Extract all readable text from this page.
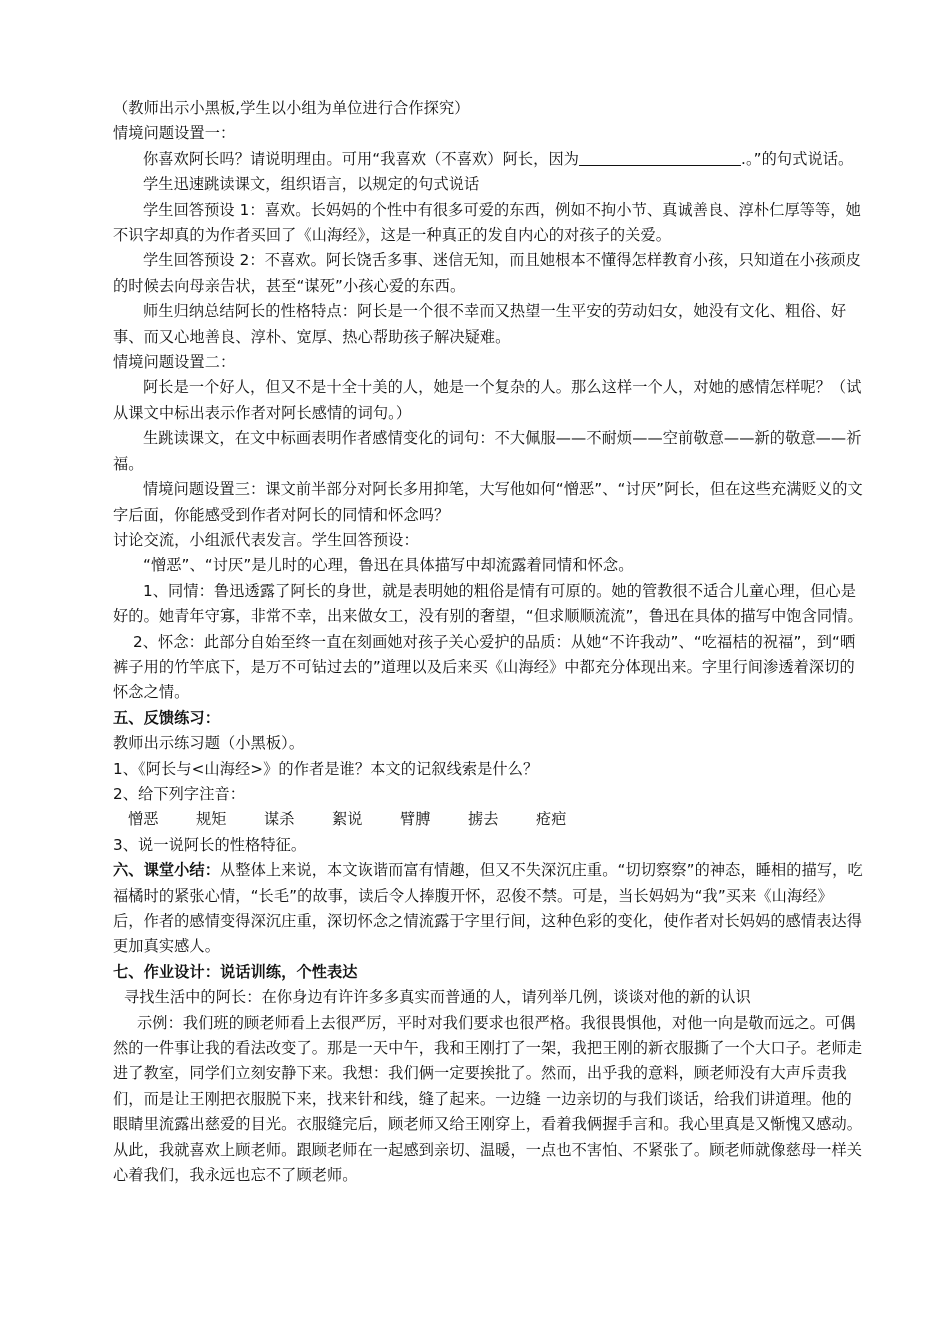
（教师出示小黑板,学生以小组为单位进行合作探究）

情境问题设置一：

你喜欢阿长吗？请说明理由。可用“我喜欢（不喜欢）阿长，因为	.。”的句式说话。

学生迅速跳读课文，组织语言，以规定的句式说话

学生回答预设 1：喜欢。长妈妈的个性中有很多可爱的东西，例如不拘小节、真诚善良、淳朴仁厚等等，她不识字却真的为作者买回了《山海经》，这是一种真正的发自内心的对孩子的关爱。

学生回答预设 2：不喜欢。阿长饶舌多事、迷信无知，而且她根本不懂得怎样教育小孩，只知道在小孩顽皮的时候去向母亲告状，甚至“谋死”小孩心爱的东西。

师生归纳总结阿长的性格特点：阿长是一个很不幸而又热望一生平安的劳动妇女，她没有文化、粗俗、好事、而又心地善良、淳朴、宽厚、热心帮助孩子解决疑难。

情境问题设置二：

阿长是一个好人，但又不是十全十美的人，她是一个复杂的人。那么这样一个人，对她的感情怎样呢？（试从课文中标出表示作者对阿长感情的词句。）

生跳读课文，在文中标画表明作者感情变化的词句：不大佩服——不耐烦——空前敬意——新的敬意——祈福。

情境问题设置三：课文前半部分对阿长多用抑笔，大写他如何“憎恶”、“讨厌”阿长，但在这些充满贬义的文字后面，你能感受到作者对阿长的同情和怀念吗？

讨论交流，小组派代表发言。学生回答预设：

“憎恶”、“讨厌”是儿时的心理，鲁迅在具体描写中却流露着同情和怀念。

1、同情：鲁迅透露了阿长的身世，就是表明她的粗俗是情有可原的。她的管教很不适合儿童心理，但心是好的。她青年守寡，非常不幸，出来做女工，没有别的奢望，“但求顺顺流流”，鲁迅在具体的描写中饱含同情。

2、怀念：此部分自始至终一直在刻画她对孩子关心爱护的品质：从她“不许我动”、“吃福桔的祝福”，到“晒裤子用的竹竿底下，是万不可钻过去的”道理以及后来买《山海经》中都充分体现出来。字里行间渗透着深切的怀念之情。

五、反馈练习：

教师出示练习题（小黑板）。

1、《阿长与<山海经>》的作者是谁？本文的记叙线索是什么？

2、给下列字注音：

憎恶	规矩	谋杀	絮说	臂膊	掳去	疮疤

3、说一说阿长的性格特征。

六、课堂小结：从整体上来说，本文诙谐而富有情趣，但又不失深沉庄重。“切切察察”的神态，睡相的描写，吃福橘时的紧张心情，“长毛”的故事，读后令人捧腹开怀，忍俊不禁。可是，当长妈妈为“我”买来《山海经》后，作者的感情变得深沉庄重，深切怀念之情流露于字里行间，这种色彩的变化，使作者对长妈妈的感情表达得更加真实感人。

七、作业设计：说话训练，个性表达

寻找生活中的阿长：在你身边有许许多多真实而普通的人，请列举几例，谈谈对他的新的认识

示例：我们班的顾老师看上去很严厉，平时对我们要求也很严格。我很畏惧他，对他一向是敬而远之。可偶然的一件事让我的看法改变了。那是一天中午，我和王刚打了一架，我把王刚的新衣服撕了一个大口子。老师走进了教室，同学们立刻安静下来。我想：我们俩一定要挨批了。然而，出乎我的意料，顾老师没有大声斥责我们，而是让王刚把衣服脱下来，找来针和线，缝了起来。一边缝 一边亲切的与我们谈话，给我们讲道理。他的眼睛里流露出慈爱的目光。衣服缝完后，顾老师又给王刚穿上，看着我俩握手言和。我心里真是又惭愧又感动。从此，我就喜欢上顾老师。跟顾老师在一起感到亲切、温暖，一点也不害怕、不紧张了。顾老师就像慈母一样关心着我们，我永远也忘不了顾老师。
